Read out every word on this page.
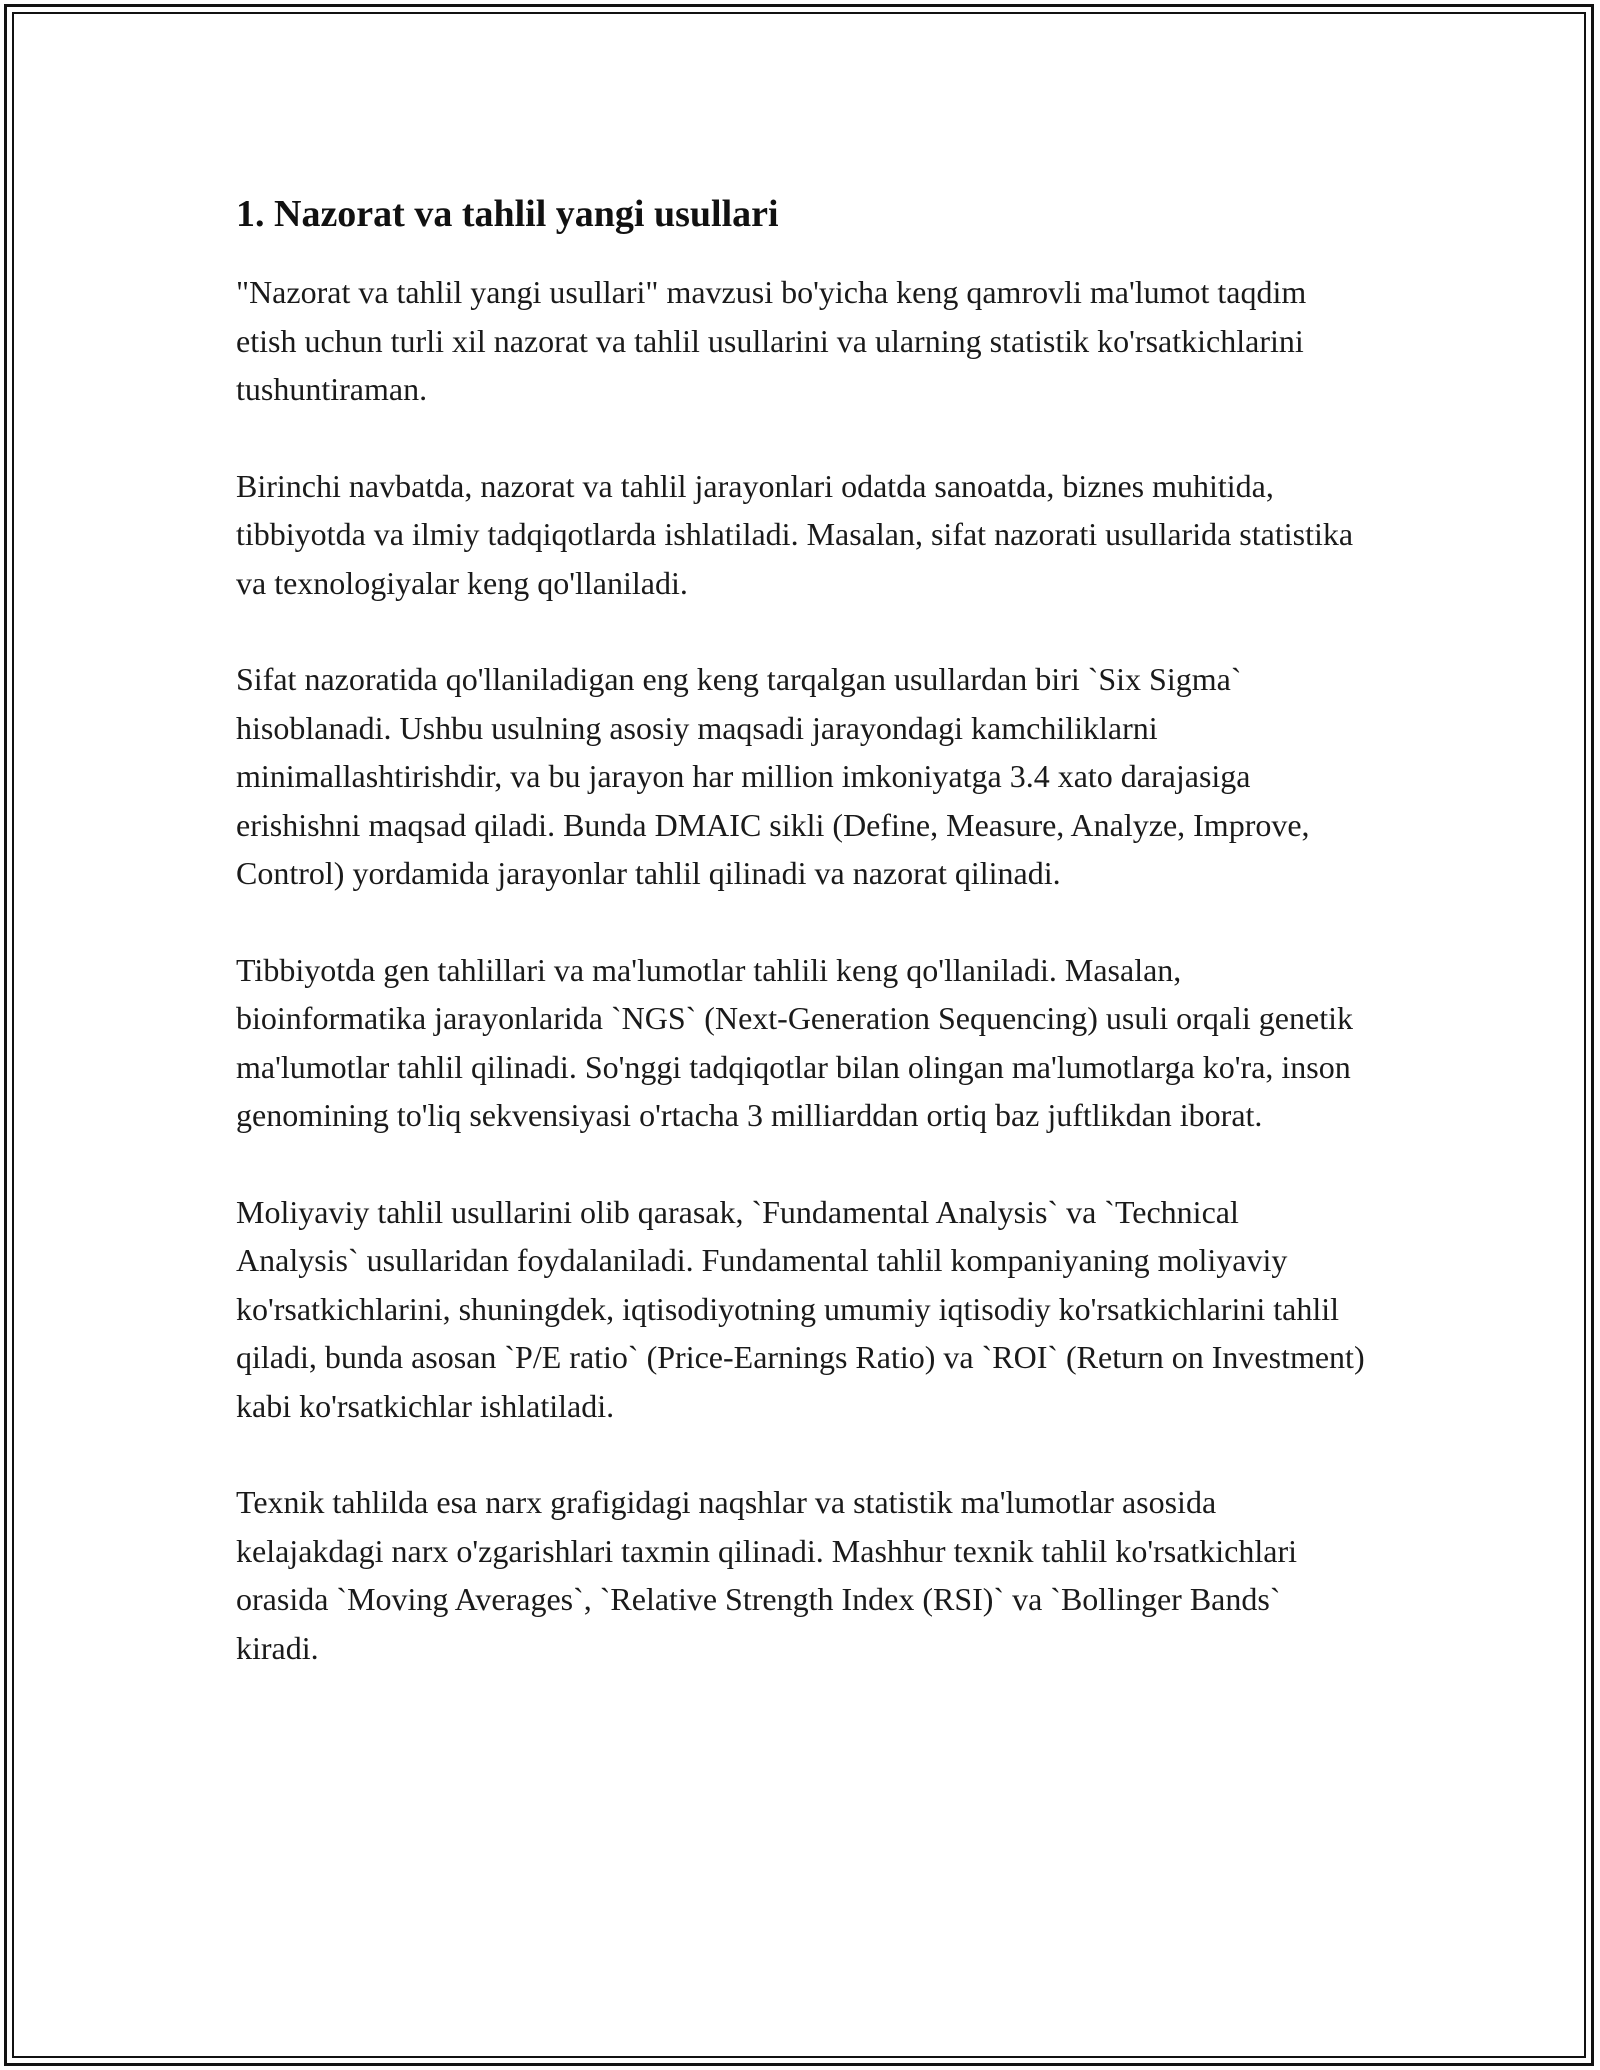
1. Nazorat va tahlil yangi usullari

"Nazorat va tahlil yangi usullari" mavzusi bo'yicha keng qamrovli ma'lumot taqdim etish uchun turli xil nazorat va tahlil usullarini va ularning statistik ko'rsatkichlarini tushuntiraman.

Birinchi navbatda, nazorat va tahlil jarayonlari odatda sanoatda, biznes muhitida, tibbiyotda va ilmiy tadqiqotlarda ishlatiladi. Masalan, sifat nazorati usullarida statistika va texnologiyalar keng qo'llaniladi.

Sifat nazoratida qo'llaniladigan eng keng tarqalgan usullardan biri `Six Sigma` hisoblanadi. Ushbu usulning asosiy maqsadi jarayondagi kamchiliklarni minimallashtirishdir, va bu jarayon har million imkoniyatga 3.4 xato darajasiga erishishni maqsad qiladi. Bunda DMAIC sikli (Define, Measure, Analyze, Improve, Control) yordamida jarayonlar tahlil qilinadi va nazorat qilinadi.

Tibbiyotda gen tahlillari va ma'lumotlar tahlili keng qo'llaniladi. Masalan, bioinformatika jarayonlarida `NGS` (Next-Generation Sequencing) usuli orqali genetik ma'lumotlar tahlil qilinadi. So'nggi tadqiqotlar bilan olingan ma'lumotlarga ko'ra, inson genomining to'liq sekvensiyasi o'rtacha 3 milliarddan ortiq baz juftlikdan iborat.

Moliyaviy tahlil usullarini olib qarasak, `Fundamental Analysis` va `Technical Analysis` usullaridan foydalaniladi. Fundamental tahlil kompaniyaning moliyaviy ko'rsatkichlarini, shuningdek, iqtisodiyotning umumiy iqtisodiy ko'rsatkichlarini tahlil qiladi, bunda asosan `P/E ratio` (Price-Earnings Ratio) va `ROI` (Return on Investment) kabi ko'rsatkichlar ishlatiladi.

Texnik tahlilda esa narx grafigidagi naqshlar va statistik ma'lumotlar asosida kelajakdagi narx o'zgarishlari taxmin qilinadi. Mashhur texnik tahlil ko'rsatkichlari orasida `Moving Averages`, `Relative Strength Index (RSI)` va `Bollinger Bands` kiradi.
